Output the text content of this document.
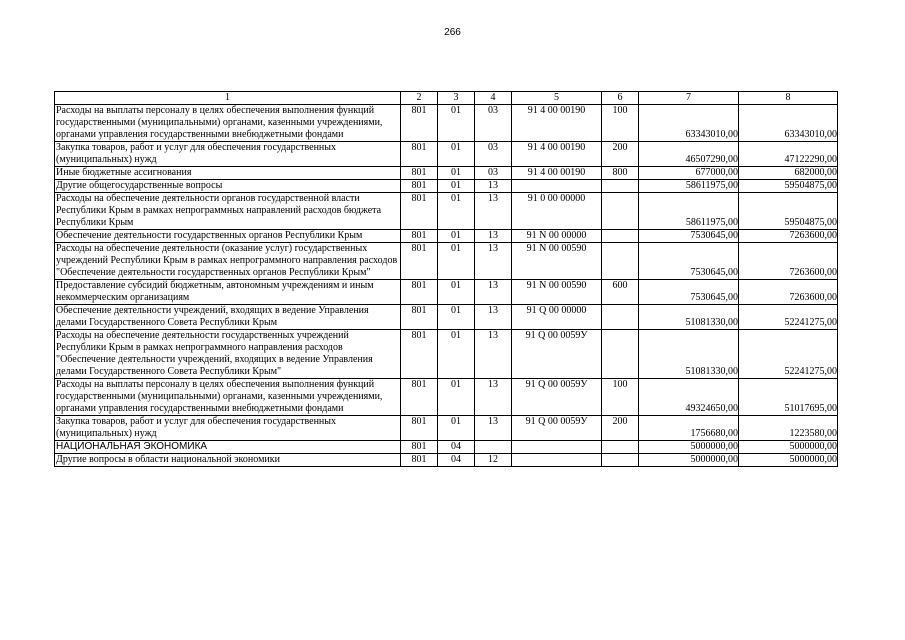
266
1	2	3	4	5	6	7	8
Расходы на выплаты персоналу в целях обеспечения выполнения функций государственными (муниципальными) органами, казенными учреждениями, органами управления государственными внебюджетными фондами	801	01	03	91 4 00 00190	100	63343010,00	63343010,00
Закупка товаров, работ и услуг для обеспечения государственных (муниципальных) нужд	801	01	03	91 4 00 00190	200	46507290,00	47122290,00
Иные бюджетные ассигнования	801	01	03	91 4 00 00190	800	677000,00	682000,00
Другие общегосударственные вопросы	801	01	13			58611975,00	59504875,00
Расходы на обеспечение деятельности органов государственной власти Республики Крым в рамках непрограммных направлений расходов бюджета Республики Крым	801	01	13	91 0 00 00000		58611975,00	59504875,00
Обеспечение деятельности государственных органов Республики Крым	801	01	13	91 N 00 00000		7530645,00	7263600,00
Расходы на обеспечение деятельности (оказание услуг) государственных учреждений Республики Крым в рамках непрограммного направления расходов "Обеспечение деятельности государственных органов Республики Крым"	801	01	13	91 N 00 00590		7530645,00	7263600,00
Предоставление субсидий бюджетным, автономным учреждениям и иным некоммерческим организациям	801	01	13	91 N 00 00590	600	7530645,00	7263600,00
Обеспечение деятельности учреждений, входящих в ведение Управления делами Государственного Совета Республики Крым	801	01	13	91 Q 00 00000		51081330,00	52241275,00
Расходы на обеспечение деятельности государственных учреждений Республики Крым в рамках непрограммного направления расходов "Обеспечение деятельности учреждений, входящих в ведение Управления делами Государственного Совета Республики Крым"	801	01	13	91 Q 00 0059У		51081330,00	52241275,00
Расходы на выплаты персоналу в целях обеспечения выполнения функций государственными (муниципальными) органами, казенными учреждениями, органами управления государственными внебюджетными фондами	801	01	13	91 Q 00 0059У	100	49324650,00	51017695,00
Закупка товаров, работ и услуг для обеспечения государственных (муниципальных) нужд	801	01	13	91 Q 00 0059У	200	1756680,00	1223580,00
НАЦИОНАЛЬНАЯ ЭКОНОМИКА	801	04				5000000,00	5000000,00
Другие вопросы в области национальной экономики	801	04	12			5000000,00	5000000,00
